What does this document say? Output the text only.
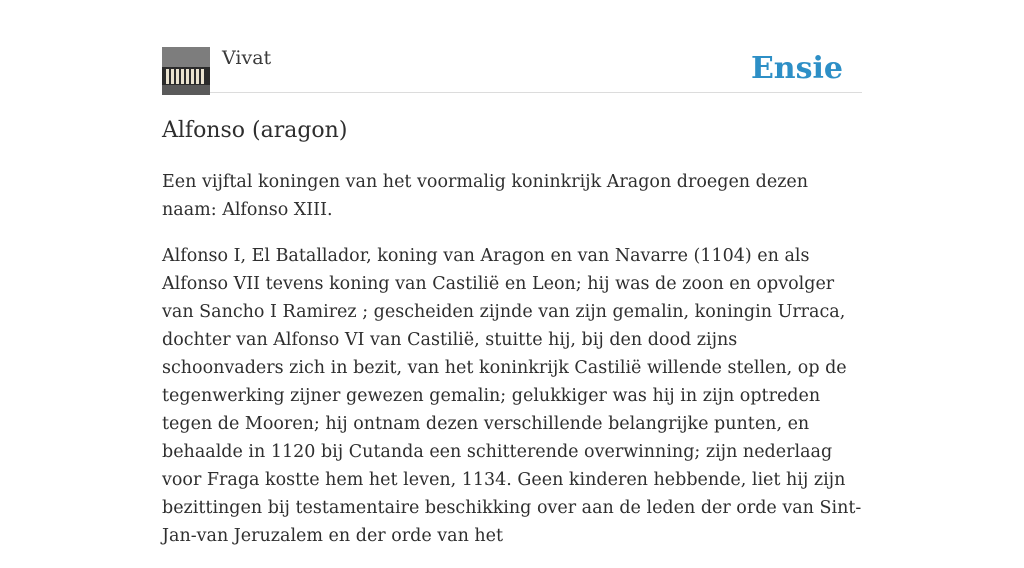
Vivat	Ensie
Alfonso (aragon)

Een vijftal koningen van het voormalig koninkrijk Aragon droegen dezen naam: Alfonso XIII.

Alfonso I, El Batallador, koning van Aragon en van Navarre (1104) en als Alfonso VII tevens koning van Castilië en Leon; hij was de zoon en opvolger van Sancho I Ramirez ; gescheiden zijnde van zijn gemalin, koningin Urraca, dochter van Alfonso VI van Castilië, stuitte hij, bij den dood zijns schoonvaders zich in bezit, van het koninkrijk Castilië willende stellen, op de tegenwerking zijner gewezen gemalin; gelukkiger was hij in zijn optreden tegen de Mooren; hij ontnam dezen verschillende belangrijke punten, en behaalde in 1120 bij Cutanda een schitterende overwinning; zijn nederlaag voor Fraga kostte hem het leven, 1134. Geen kinderen hebbende, liet hij zijn bezittingen bij testamentaire beschikking over aan de leden der orde van Sint-Jan-van Jeruzalem en der orde van het
